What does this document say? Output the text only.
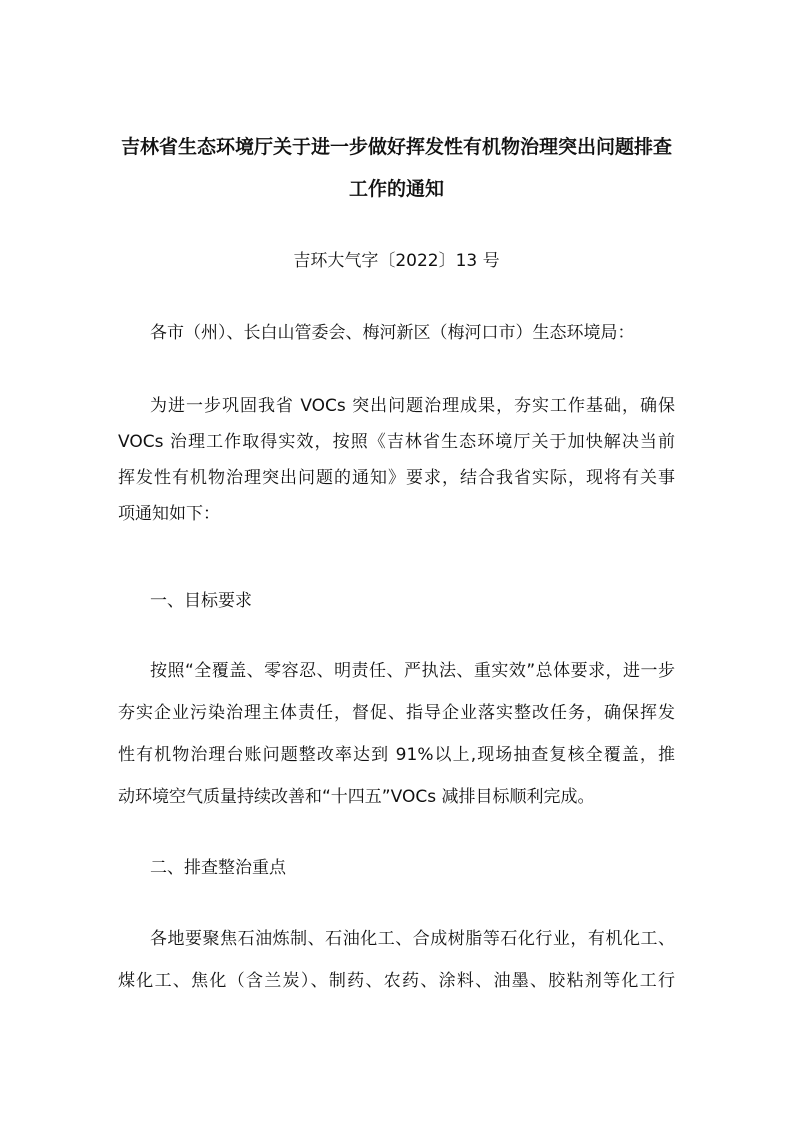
吉林省生态环境厅关于进一步做好挥发性有机物治理突出问题排查
工作的通知
吉环大气字〔2022〕13 号
各市（州）、长白山管委会、梅河新区（梅河口市）生态环境局：
为进一步巩固我省 VOCs 突出问题治理成果，夯实工作基础，确保
VOCs 治理工作取得实效，按照《吉林省生态环境厅关于加快解决当前
挥发性有机物治理突出问题的通知》要求，结合我省实际，现将有关事
项通知如下：
一、目标要求
按照“全覆盖、零容忍、明责任、严执法、重实效”总体要求，进一步
夯实企业污染治理主体责任，督促、指导企业落实整改任务，确保挥发
性有机物治理台账问题整改率达到 91%以上,现场抽查复核全覆盖，推
动环境空气质量持续改善和“十四五”VOCs 减排目标顺利完成。
二、排查整治重点
各地要聚焦石油炼制、石油化工、合成树脂等石化行业，有机化工、
煤化工、焦化（含兰炭）、制药、农药、涂料、油墨、胶粘剂等化工行
